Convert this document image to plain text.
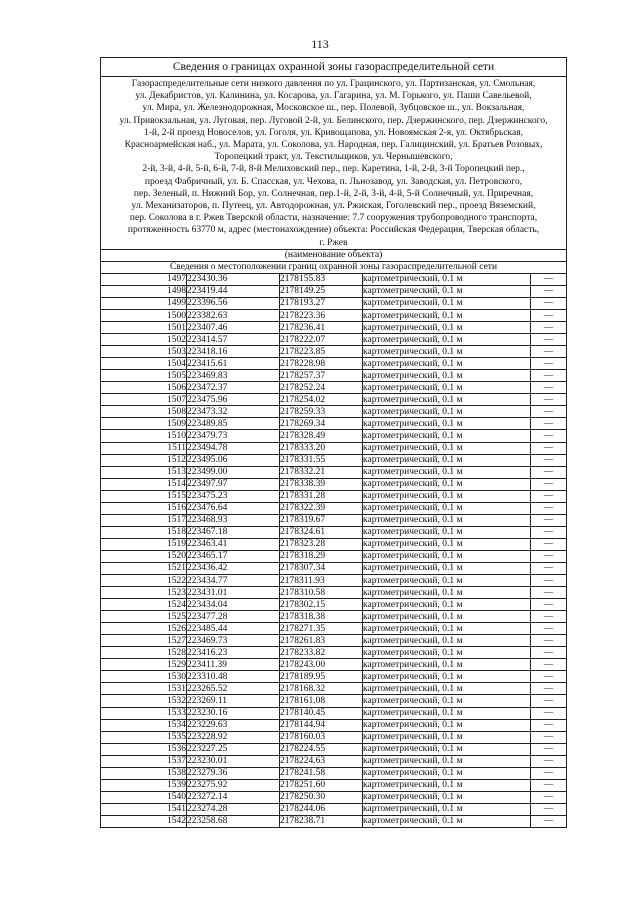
113
Сведения о границах охранной зоны газораспределительной сети
Газораспределительные сети низкого давления по ул. Грацинского, ул. Партизанская, ул. Смольная,
ул. Декабристов, ул. Калинина, ул. Косарова, ул. Гагарина, ул. М. Горького, ул. Паши Савельевой,
ул. Мира, ул. Железнодорожная, Московское ш., пер. Полевой, Зубцовское ш., ул. Вокзальная,
ул. Привокзальная, ул. Луговая, пер. Луговой 2-й, ул. Белинского, пер. Дзержинского, пер. Дзержинского,
1-й, 2-й проезд Новоселов, ул. Гоголя, ул. Кривощапова, ул. Новоямская 2-я, ул. Октябрьская,
Красноармейская наб., ул. Марата, ул. Соколова, ул. Народная, пер. Галицинский, ул. Братьев Розовых,
Торопецкий тракт, ул. Текстильщиков, ул. Чернышевского,
2-й, 3-й, 4-й, 5-й, 6-й, 7-й, 8-й Мелиховский пер., пер. Каретина, 1-й, 2-й, 3-й Торопецкий пер.,
проезд Фабричный, ул. Б. Спасская, ул. Чехова, п. Льнозавод, ул. Заводская, ул. Петровского,
пер. Зеленый, п. Нижний Бор, ул. Солнечная, пер.1-й, 2-й, 3-й, 4-й, 5-й Солнечный, ул. Приречная,
ул. Механизаторов, п. Путеец, ул. Автодорожная, ул. Ржиская, Гоголевский пер., проезд Вяземский,
пер. Соколова в г. Ржев Тверской области, назначение: 7.7 сооружения трубопроводного транспорта,
протяженность 63770 м, адрес (местонахождение) объекта: Российская Федерация, Тверская область,
г. Ржев
(наименование объекта)
Сведения о местоположении границ охранной зоны газораспределительной сети
1497	223430.36	2178155.83	картометрический, 0.1 м	—
1498	223419.44	2178149.25	картометрический, 0.1 м	—
1499	223396.56	2178193.27	картометрический, 0.1 м	—
1500	223382.63	2178223.36	картометрический, 0.1 м	—
1501	223407.46	2178236.41	картометрический, 0.1 м	—
1502	223414.57	2178222.07	картометрический, 0.1 м	—
1503	223418.16	2178223.85	картометрический, 0.1 м	—
1504	223415.61	2178228.98	картометрический, 0.1 м	—
1505	223469.83	2178257.37	картометрический, 0.1 м	—
1506	223472.37	2178252.24	картометрический, 0.1 м	—
1507	223475.96	2178254.02	картометрический, 0.1 м	—
1508	223473.32	2178259.33	картометрический, 0.1 м	—
1509	223489.85	2178269.34	картометрический, 0.1 м	—
1510	223479.73	2178328.49	картометрический, 0.1 м	—
1511	223494.78	2178333.20	картометрический, 0.1 м	—
1512	223495.06	2178331.55	картометрический, 0.1 м	—
1513	223499.00	2178332.21	картометрический, 0.1 м	—
1514	223497.97	2178338.39	картометрический, 0.1 м	—
1515	223475.23	2178331.28	картометрический, 0.1 м	—
1516	223476.64	2178322.39	картометрический, 0.1 м	—
1517	223468.93	2178319.67	картометрический, 0.1 м	—
1518	223467.18	2178324.61	картометрический, 0.1 м	—
1519	223463.41	2178323.28	картометрический, 0.1 м	—
1520	223465.17	2178318.29	картометрический, 0.1 м	—
1521	223436.42	2178307.34	картометрический, 0.1 м	—
1522	223434.77	2178311.93	картометрический, 0.1 м	—
1523	223431.01	2178310.58	картометрический, 0.1 м	—
1524	223434.04	2178302.15	картометрический, 0.1 м	—
1525	223477.28	2178318.38	картометрический, 0.1 м	—
1526	223485.44	2178271.35	картометрический, 0.1 м	—
1527	223469.73	2178261.83	картометрический, 0.1 м	—
1528	223416.23	2178233.82	картометрический, 0.1 м	—
1529	223411.39	2178243.00	картометрический, 0.1 м	—
1530	223310.48	2178189.95	картометрический, 0.1 м	—
1531	223265.52	2178168.32	картометрический, 0.1 м	—
1532	223269.11	2178161.08	картометрический, 0.1 м	—
1533	223230.16	2178140.45	картометрический, 0.1 м	—
1534	223229.63	2178144.94	картометрический, 0.1 м	—
1535	223228.92	2178160.03	картометрический, 0.1 м	—
1536	223227.25	2178224.55	картометрический, 0.1 м	—
1537	223230.01	2178224.63	картометрический, 0.1 м	—
1538	223279.36	2178241.58	картометрический, 0.1 м	—
1539	223275.92	2178251.60	картометрический, 0.1 м	—
1540	223272.14	2178250.30	картометрический, 0.1 м	—
1541	223274.28	2178244.06	картометрический, 0.1 м	—
1542	223258.68	2178238.71	картометрический, 0.1 м	—
